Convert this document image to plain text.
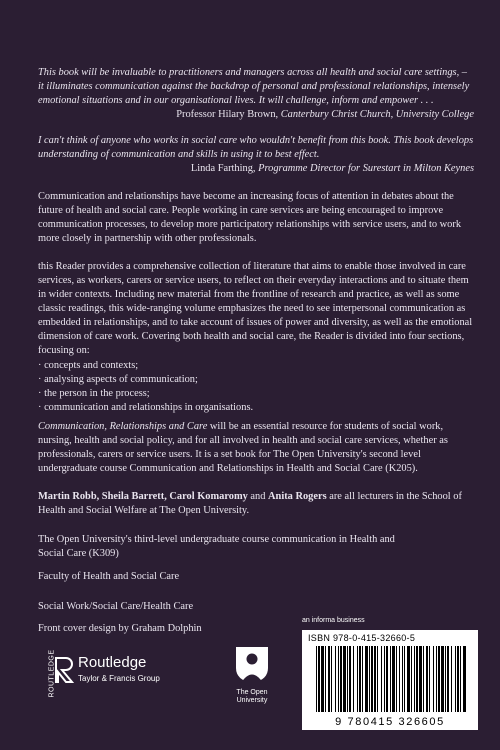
This book will be invaluable to practitioners and managers across all health and social care settings, – it illuminates communication against the backdrop of personal and professional relationships, intensely emotional situations and in our organisational lives. It will challenge, inform and empower . . .

Professor Hilary Brown, Canterbury Christ Church, University College

I can't think of anyone who works in social care who wouldn't benefit from this book. This book develops understanding of communication and skills in using it to best effect.

Linda Farthing, Programme Director for Surestart in Milton Keynes

Communication and relationships have become an increasing focus of attention in debates about the future of health and social care. People working in care services are being encouraged to improve communication processes, to develop more participatory relationships with service users, and to work more closely in partnership with other professionals.

this Reader provides a comprehensive collection of literature that aims to enable those involved in care services, as workers, carers or service users, to reflect on their everyday interactions and to situate them in wider contexts. Including new material from the frontline of research and practice, as well as some classic readings, this wide-ranging volume emphasizes the need to see interpersonal communication as embedded in relationships, and to take account of issues of power and diversity, as well as the emotional dimension of care work. Covering both health and social care, the Reader is divided into four sections, focusing on:

· concepts and contexts;
· analysing aspects of communication;
· the person in the process;
· communication and relationships in organisations.

Communication, Relationships and Care will be an essential resource for students of social work, nursing, health and social policy, and for all involved in health and social care services, whether as professionals, carers or service users. It is a set book for The Open University's second level undergraduate course Communication and Relationships in Health and Social Care (K205).

Martin Robb, Sheila Barrett, Carol Komaromy and Anita Rogers are all lecturers in the School of Health and Social Welfare at The Open University.

The Open University's third-level undergraduate course communication in Health and Social Care (K309)

Faculty of Health and Social Care

Social Work/Social Care/Health Care

Front cover design by Graham Dolphin

ROUTLEDGE Routledge
Taylor & Francis Group
The Open
University
an informa business
ISBN 978-0-415-32660-5
9 780415 326605
